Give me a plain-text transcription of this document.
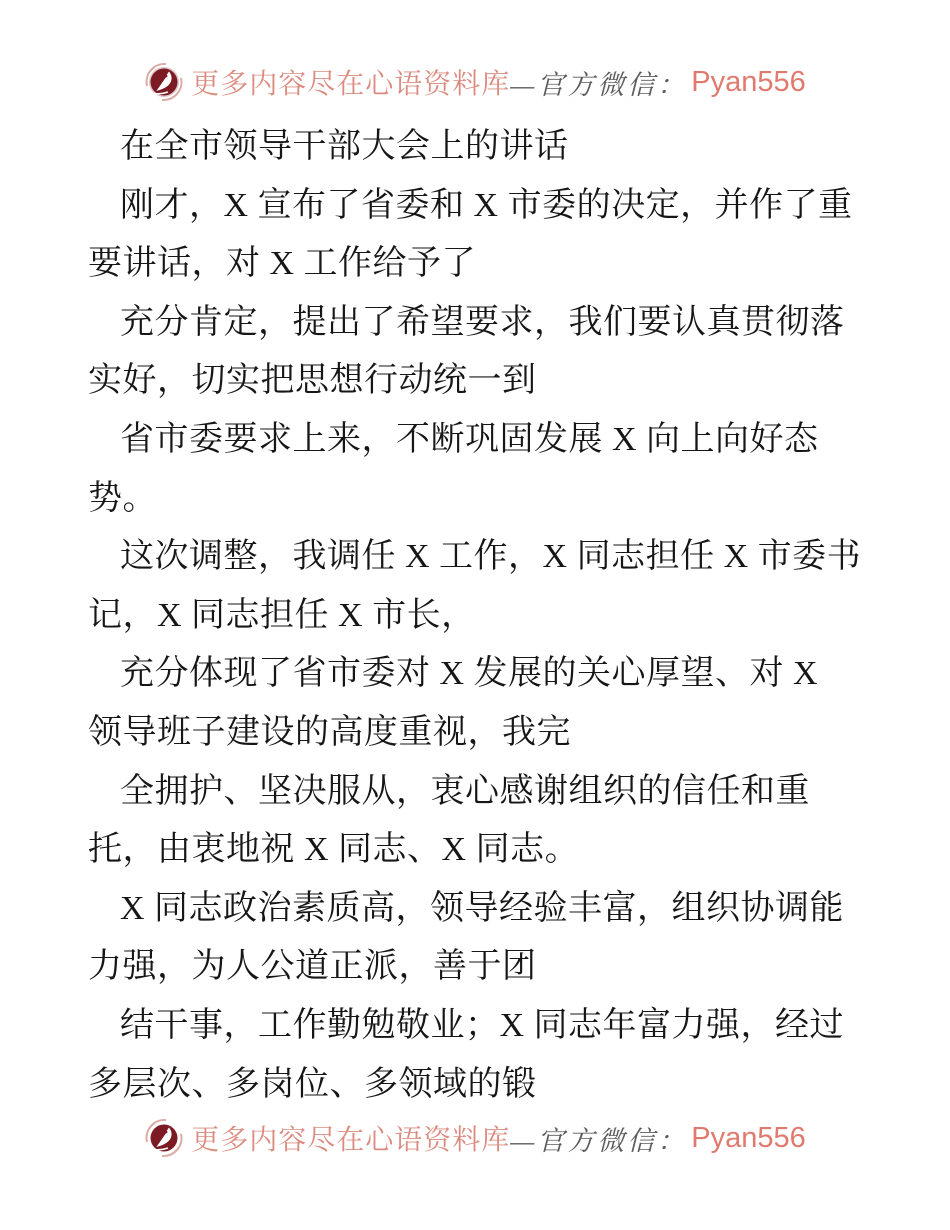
更多内容尽在心语资料库 —官方微信： Pyan556
在全市领导干部大会上的讲话
刚才，X 宣布了省委和 X 市委的决定，并作了重
要讲话，对 X 工作给予了
充分肯定，提出了希望要求，我们要认真贯彻落
实好，切实把思想行动统一到
省市委要求上来，不断巩固发展 X 向上向好态
势。
这次调整，我调任 X 工作，X 同志担任 X 市委书
记，X 同志担任 X 市长，
充分体现了省市委对 X 发展的关心厚望、对 X
领导班子建设的高度重视，我完
全拥护、坚决服从，衷心感谢组织的信任和重
托，由衷地祝 X 同志、X 同志。
X 同志政治素质高，领导经验丰富，组织协调能
力强，为人公道正派，善于团
结干事，工作勤勉敬业；X 同志年富力强，经过
多层次、多岗位、多领域的锻
更多内容尽在心语资料库 —官方微信： Pyan556
